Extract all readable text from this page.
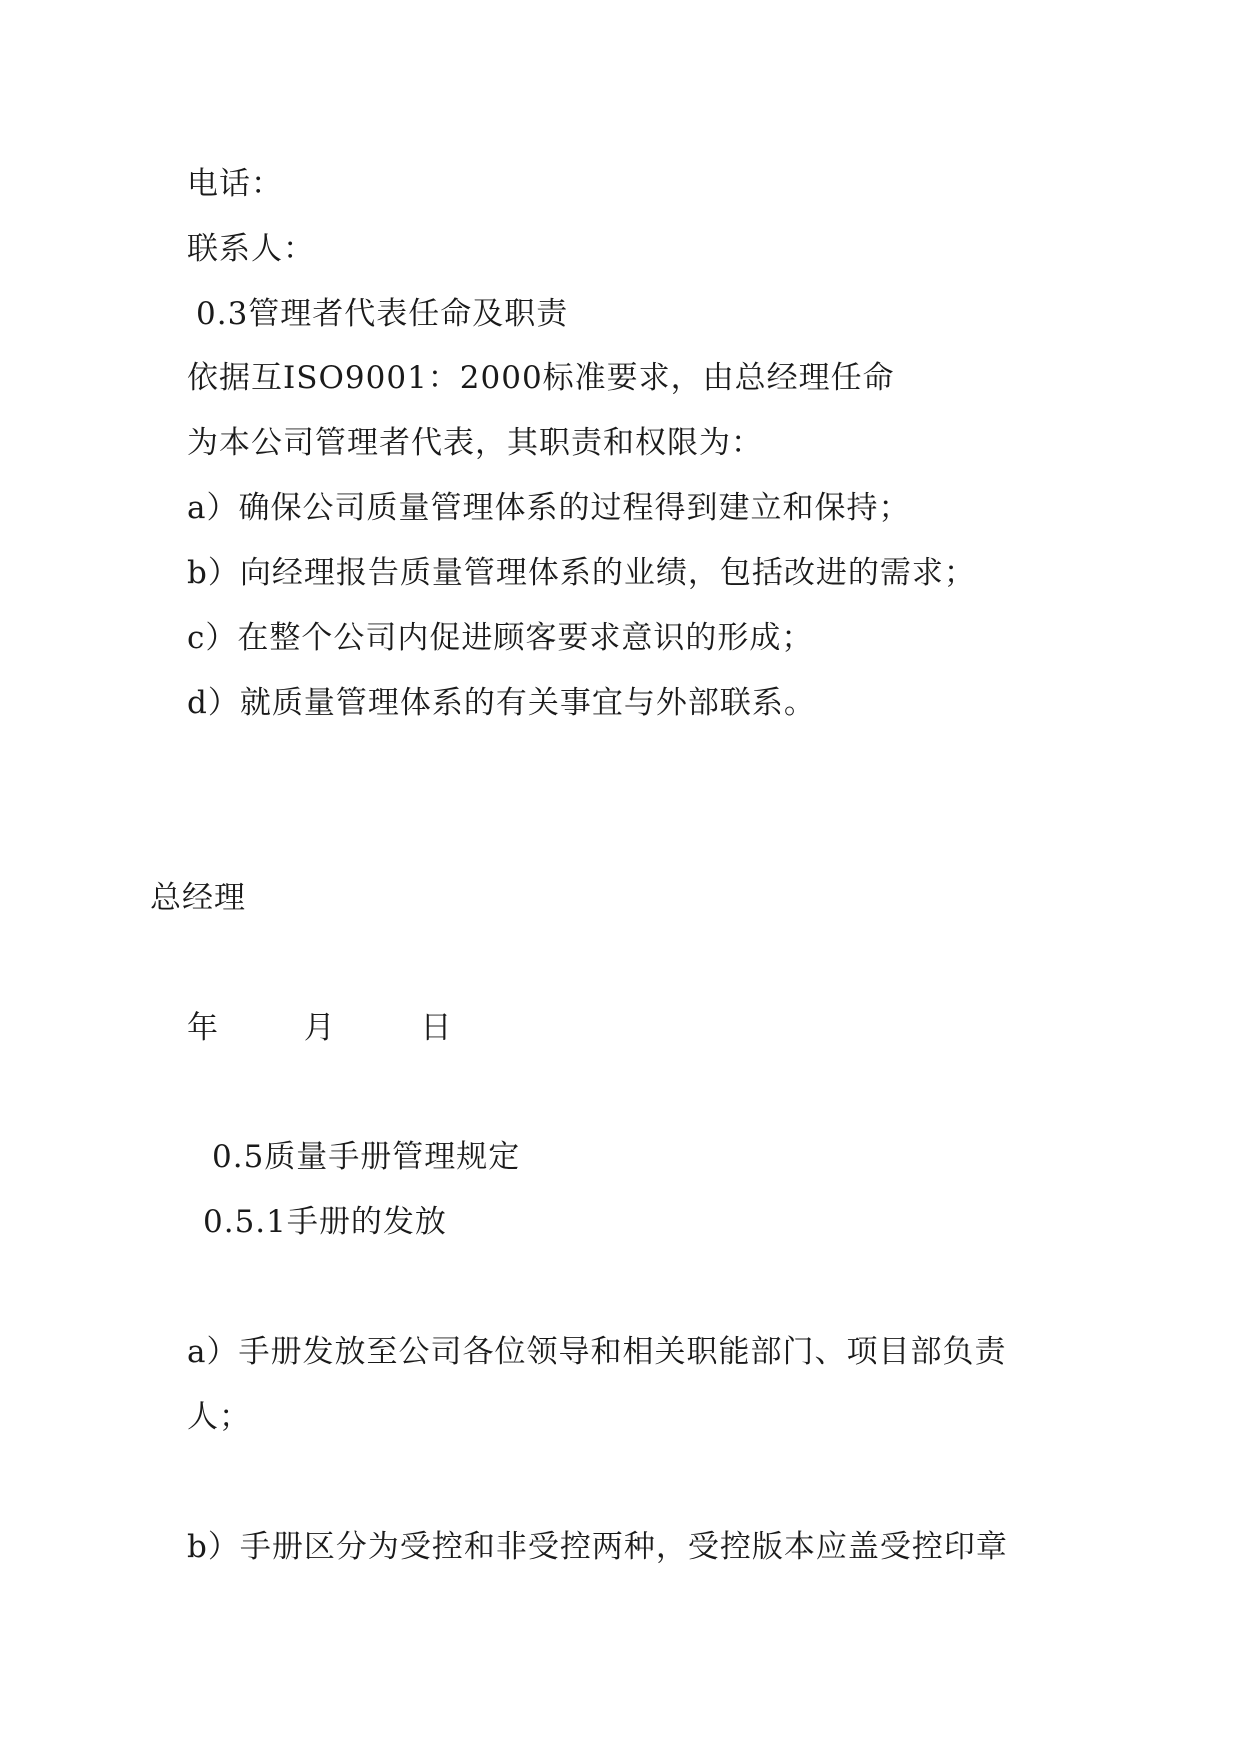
电话：
联系人：
0.3管理者代表任命及职责
依据互ISO9001：2000标准要求，由总经理任命
为本公司管理者代表，其职责和权限为：
a）确保公司质量管理体系的过程得到建立和保持；
b）向经理报告质量管理体系的业绩，包括改进的需求；
c）在整个公司内促进顾客要求意识的形成；
d）就质量管理体系的有关事宜与外部联系。
总经理
年	月	日
0.5质量手册管理规定
0.5.1手册的发放
a）手册发放至公司各位领导和相关职能部门、项目部负责
人；
b）手册区分为受控和非受控两种，受控版本应盖受控印章
